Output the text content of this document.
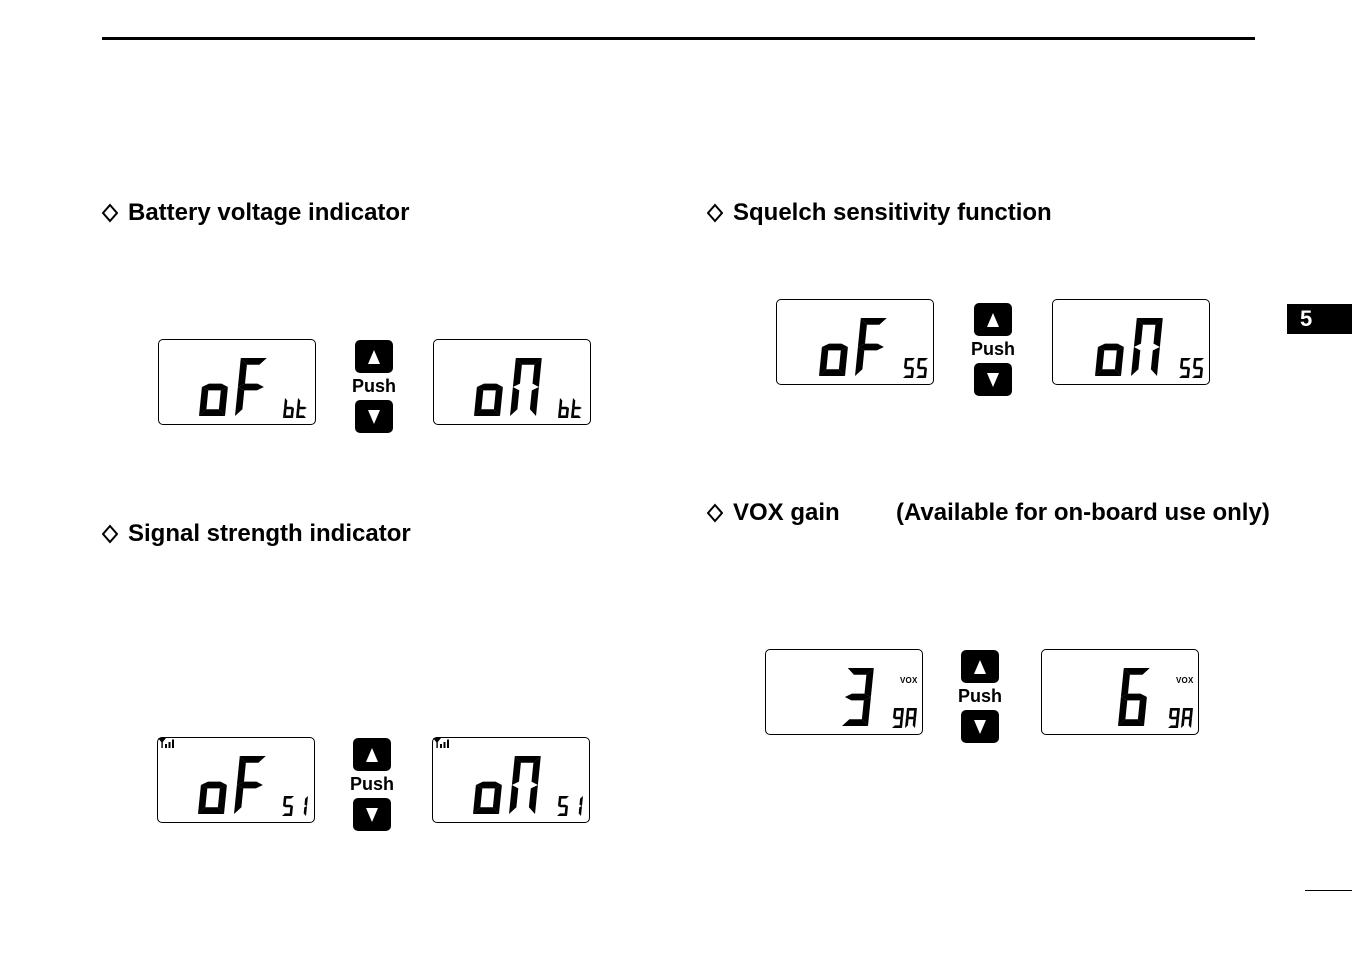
5
Battery voltage indicator
Push
Signal strength indicator
Push
Squelch sensitivity function
Push
VOX gain (Available for on-board use only)
VOX
Push
VOX
